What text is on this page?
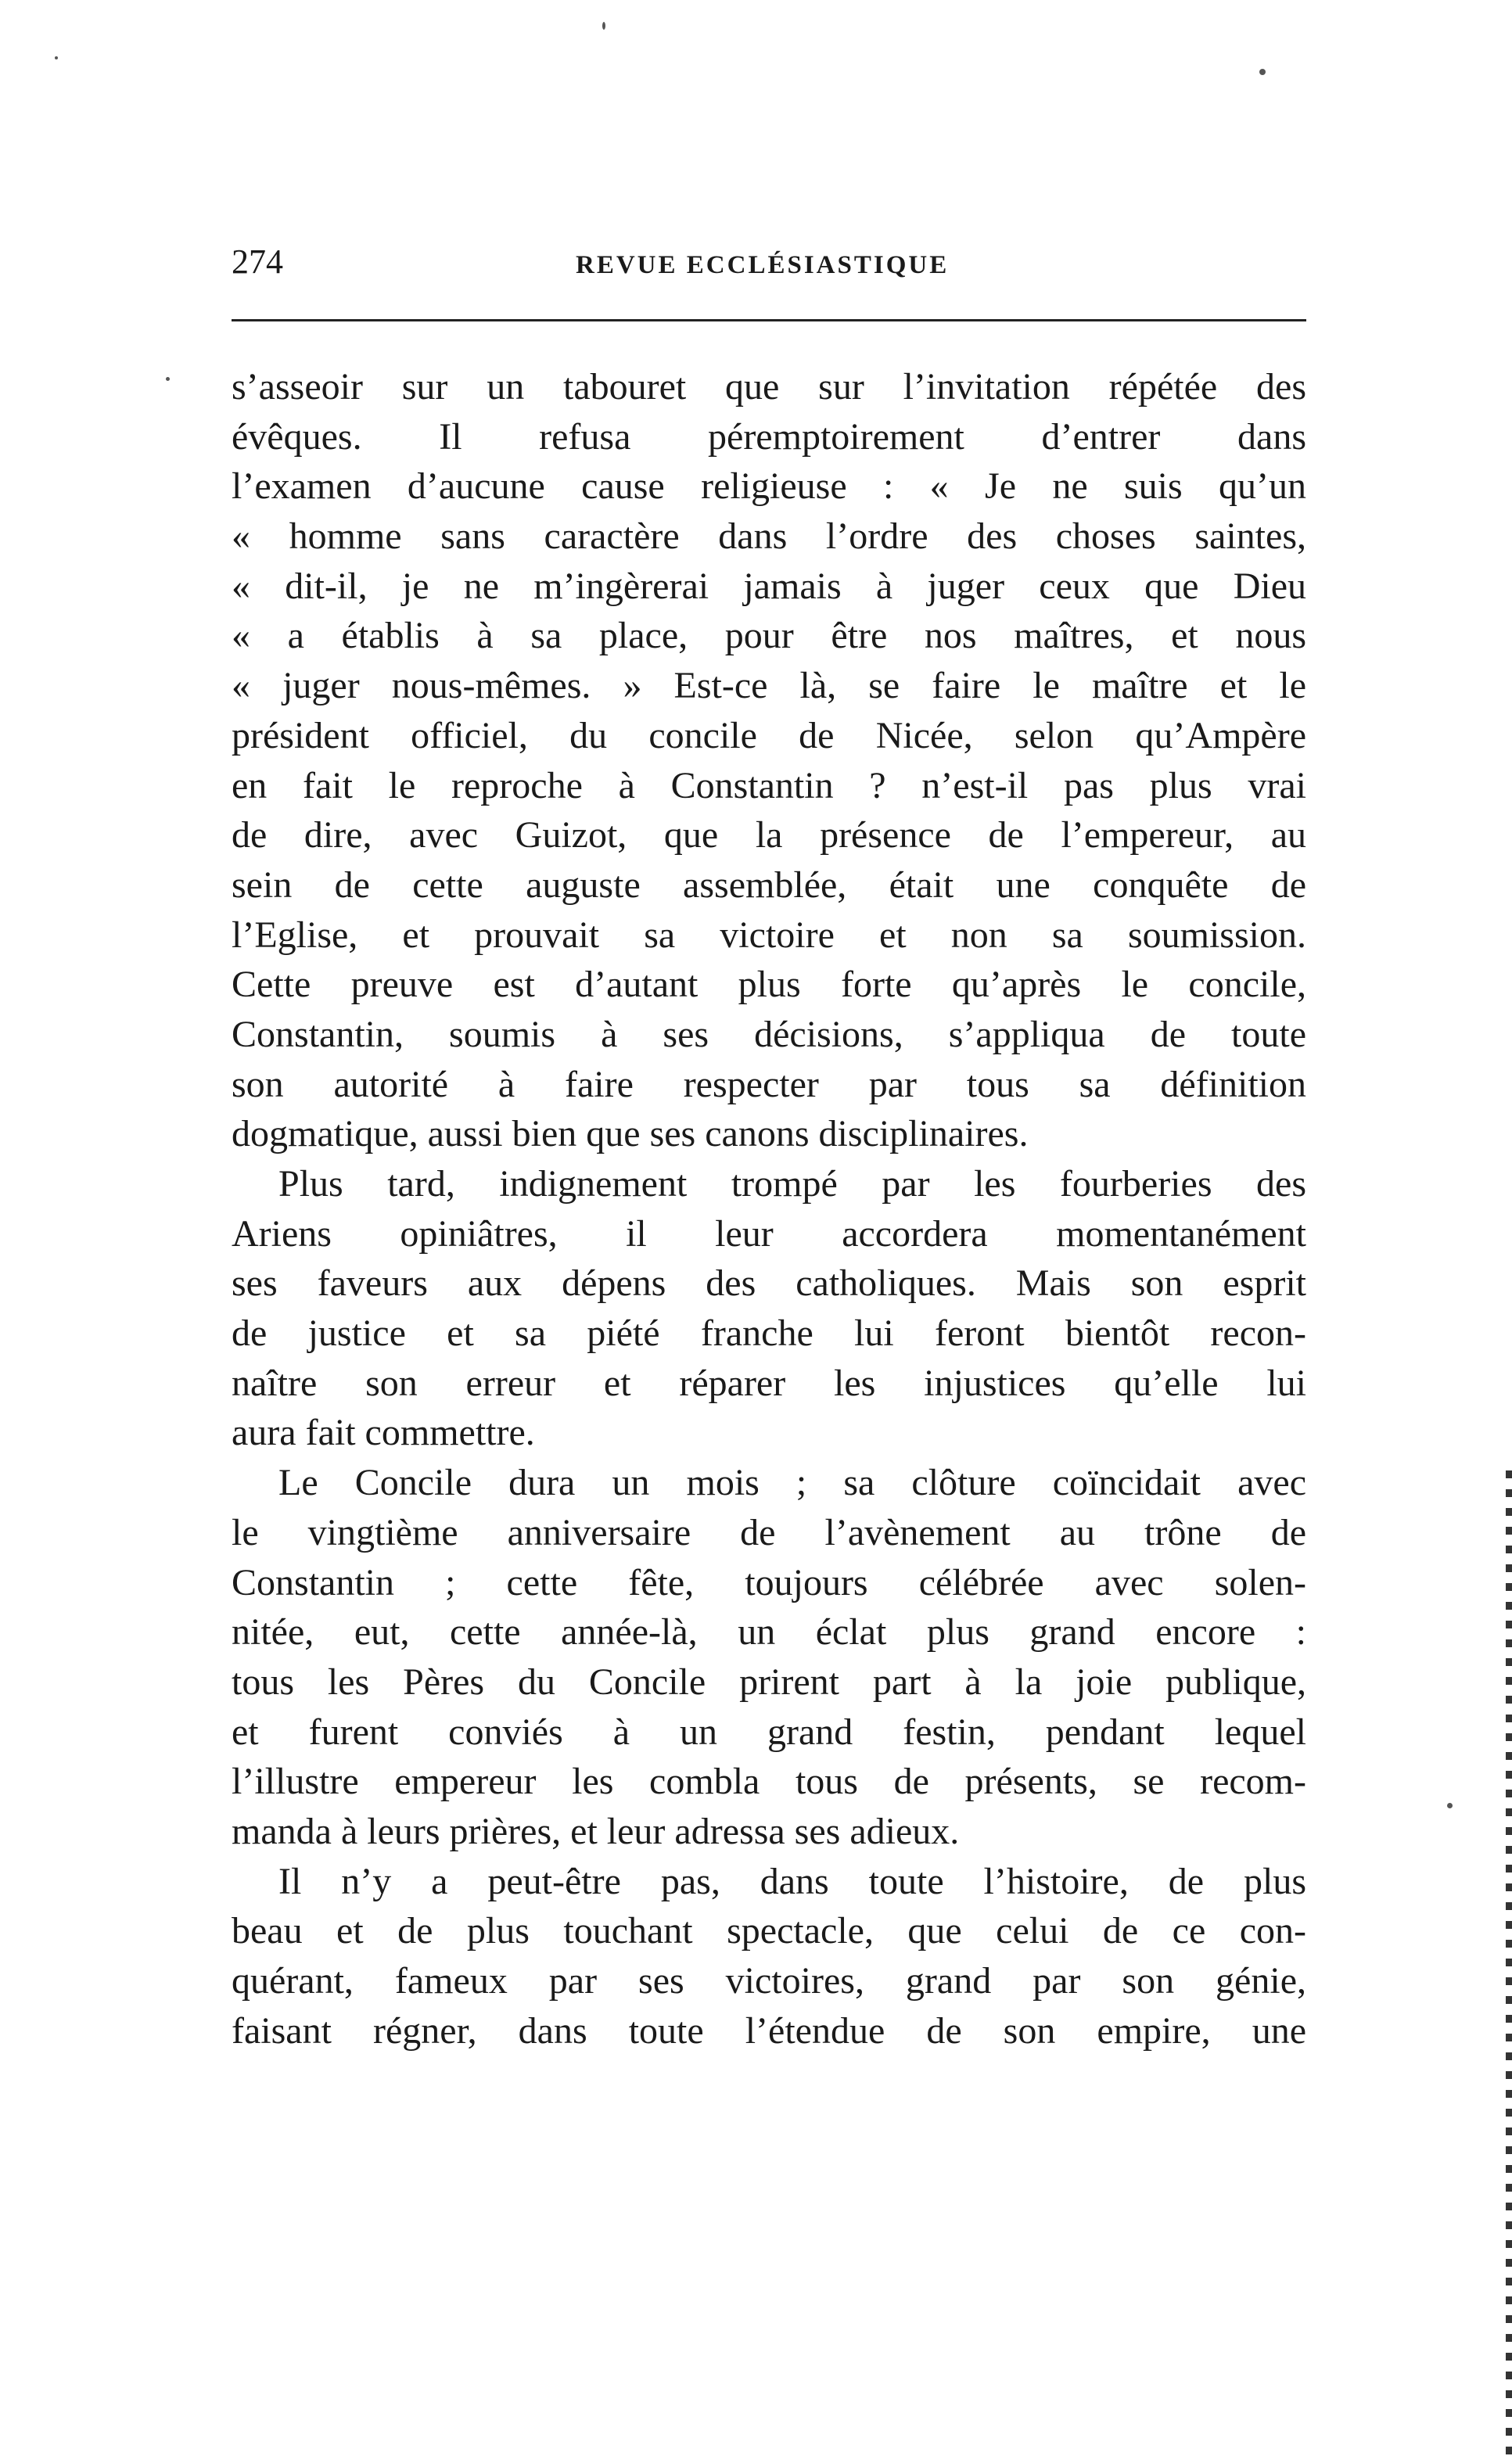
274	REVUE ECCLÉSIASTIQUE
s’asseoir sur un tabouret que sur l’invitation répétée des
évêques. Il refusa péremptoirement d’entrer dans
l’examen d’aucune cause religieuse : « Je ne suis qu’un
« homme sans caractère dans l’ordre des choses saintes,
« dit-il, je ne m’ingèrerai jamais à juger ceux que Dieu
« a établis à sa place, pour être nos maîtres, et nous
« juger nous-mêmes. » Est-ce là, se faire le maître et le
président officiel, du concile de Nicée, selon qu’Ampère
en fait le reproche à Constantin ? n’est-il pas plus vrai
de dire, avec Guizot, que la présence de l’empereur, au
sein de cette auguste assemblée, était une conquête de
l’Eglise, et prouvait sa victoire et non sa soumission.
Cette preuve est d’autant plus forte qu’après le concile,
Constantin, soumis à ses décisions, s’appliqua de toute
son autorité à faire respecter par tous sa définition
dogmatique, aussi bien que ses canons disciplinaires.
Plus tard, indignement trompé par les fourberies des
Ariens opiniâtres, il leur accordera momentanément
ses faveurs aux dépens des catholiques. Mais son esprit
de justice et sa piété franche lui feront bientôt recon-
naître son erreur et réparer les injustices qu’elle lui
aura fait commettre.
Le Concile dura un mois ; sa clôture coïncidait avec
le vingtième anniversaire de l’avènement au trône de
Constantin ; cette fête, toujours célébrée avec solen-
nitée, eut, cette année-là, un éclat plus grand encore :
tous les Pères du Concile prirent part à la joie publique,
et furent conviés à un grand festin, pendant lequel
l’illustre empereur les combla tous de présents, se recom-
manda à leurs prières, et leur adressa ses adieux.
Il n’y a peut-être pas, dans toute l’histoire, de plus
beau et de plus touchant spectacle, que celui de ce con-
quérant, fameux par ses victoires, grand par son génie,
faisant régner, dans toute l’étendue de son empire, une
